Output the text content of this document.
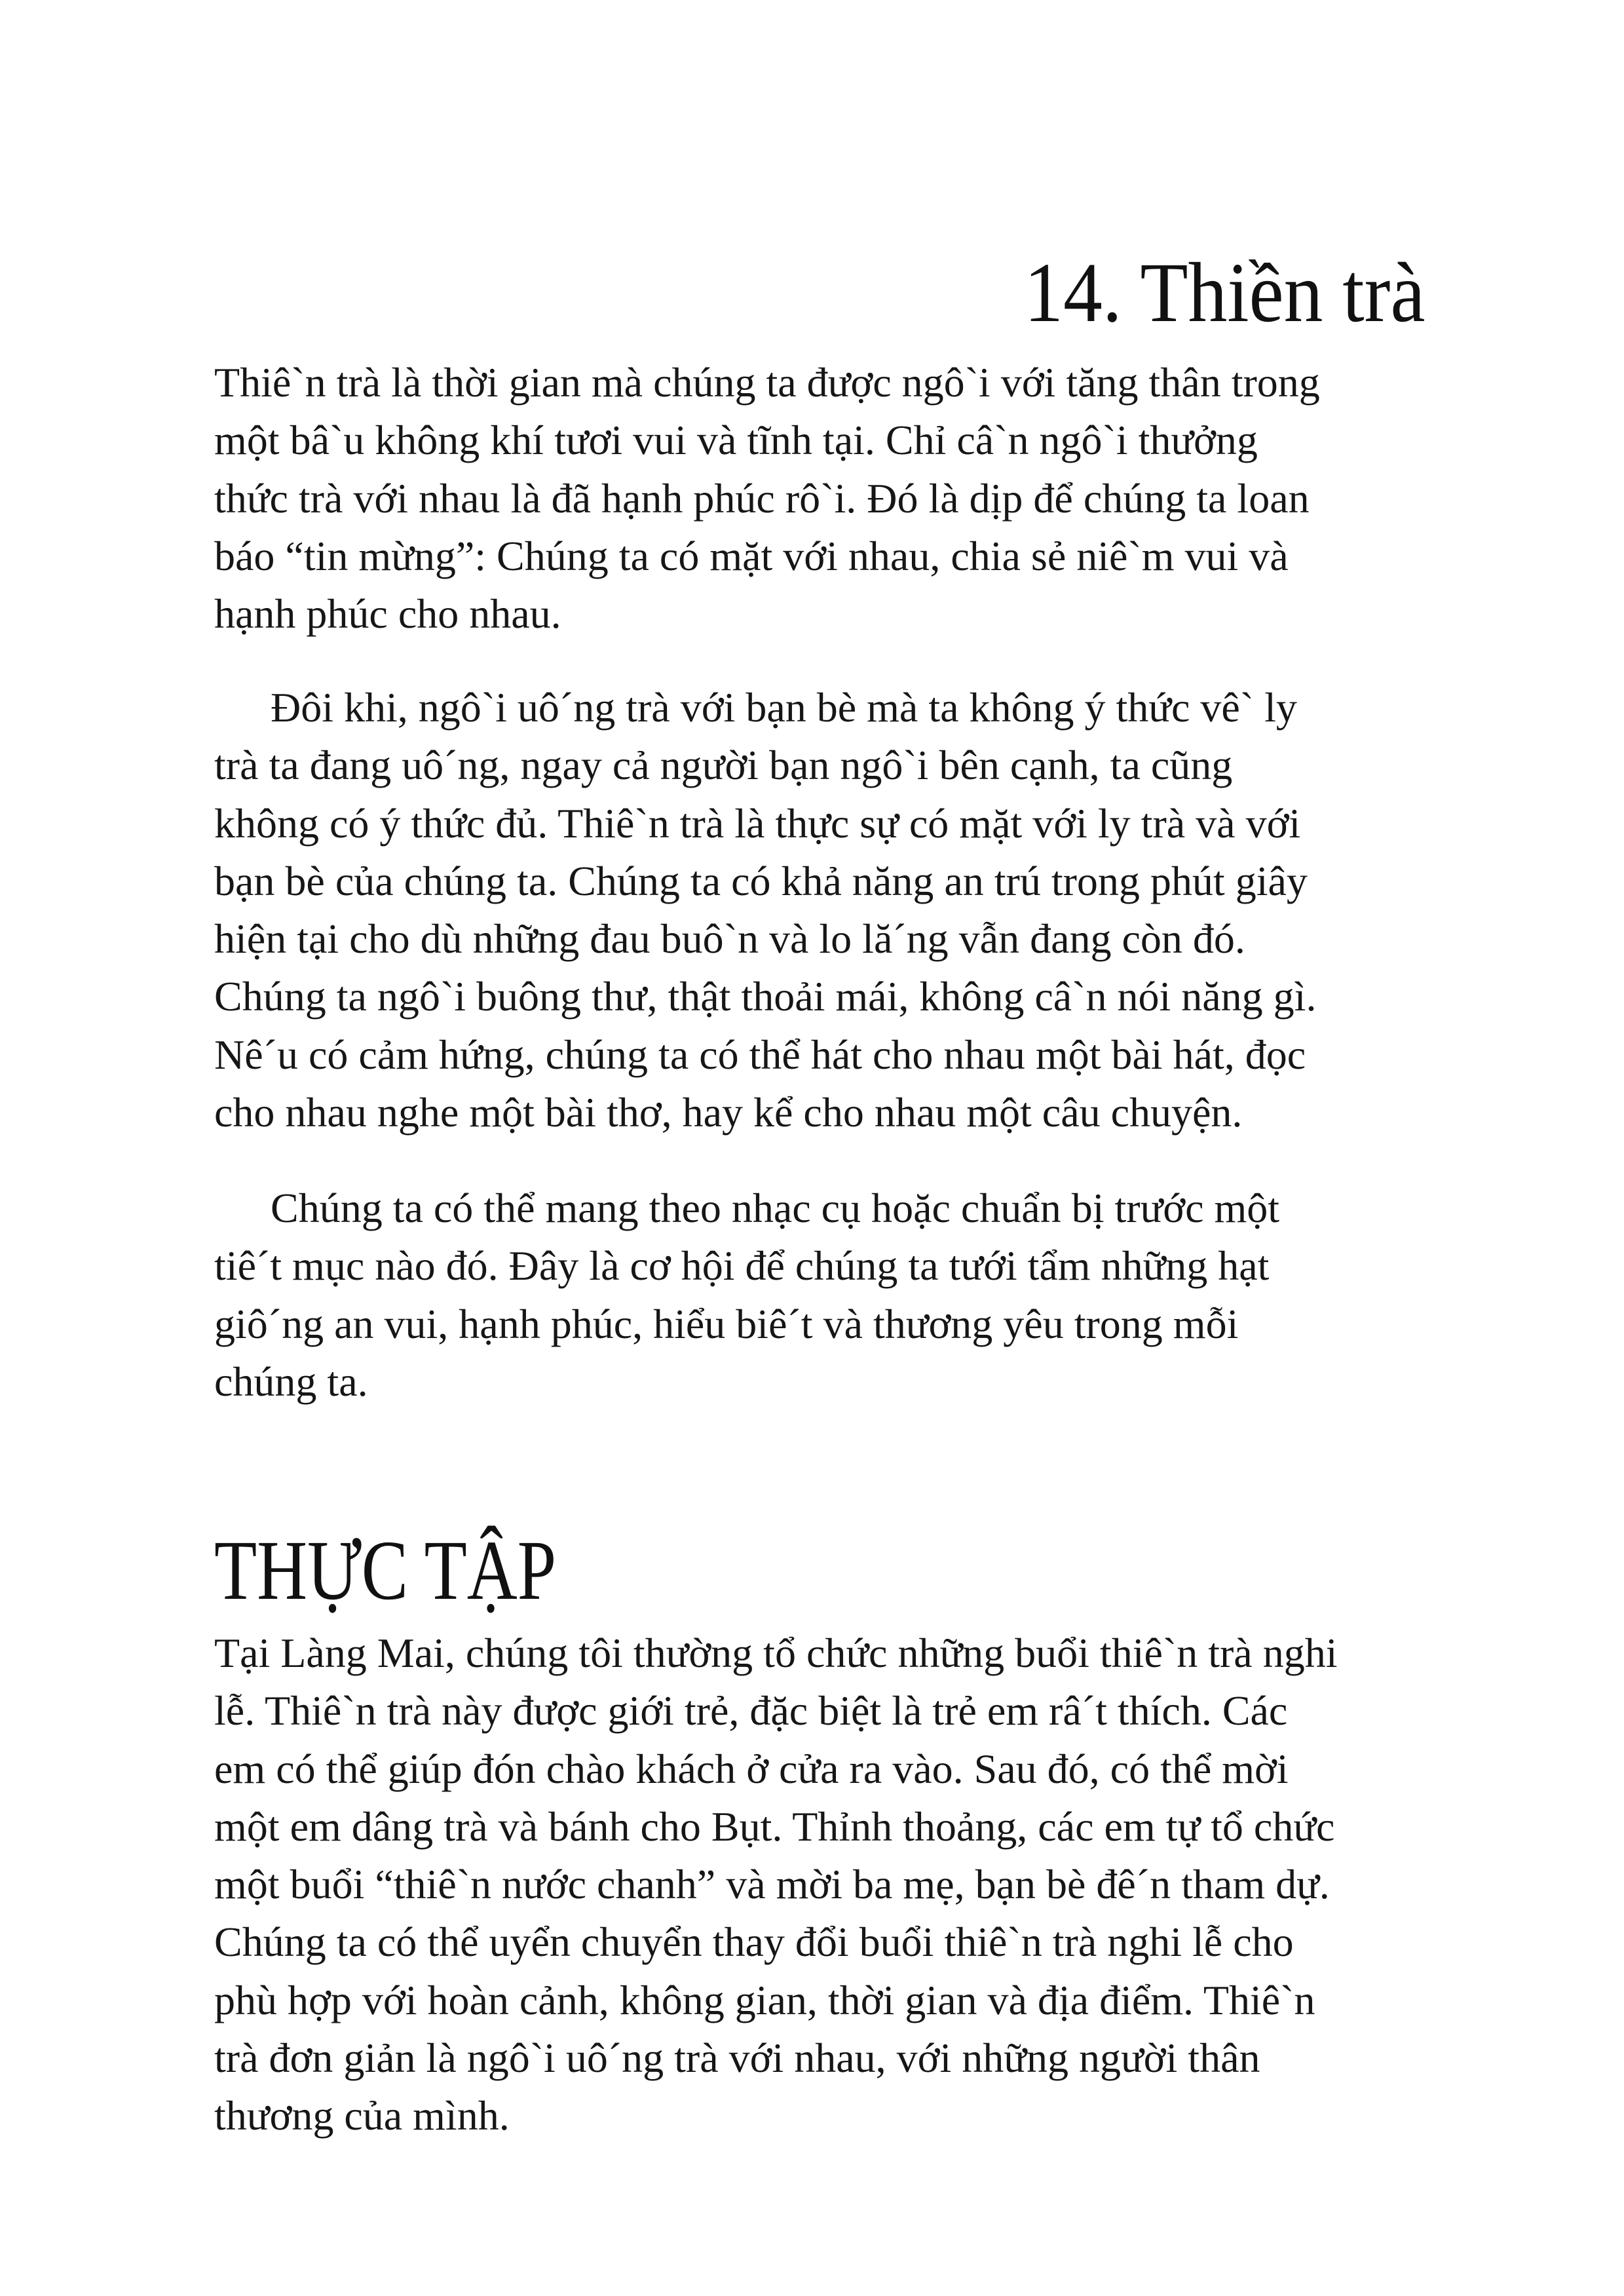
14. Thiền trà
Thiê`n trà là thời gian mà chúng ta được ngô`i với tăng thân trong
một bâ`u không khí tươi vui và tĩnh tại. Chỉ câ`n ngô`i thưởng
thức trà với nhau là đã hạnh phúc rô`i. Đó là dịp để chúng ta loan
báo “tin mừng”: Chúng ta có mặt với nhau, chia sẻ niê`m vui và
hạnh phúc cho nhau.
Đôi khi, ngô`i uô´ng trà với bạn bè mà ta không ý thức vê` ly
trà ta đang uô´ng, ngay cả người bạn ngô`i bên cạnh, ta cũng
không có ý thức đủ. Thiê`n trà là thực sự có mặt với ly trà và với
bạn bè của chúng ta. Chúng ta có khả năng an trú trong phút giây
hiện tại cho dù những đau buô`n và lo lă´ng vẫn đang còn đó.
Chúng ta ngô`i buông thư, thật thoải mái, không câ`n nói năng gì.
Nê´u có cảm hứng, chúng ta có thể hát cho nhau một bài hát, đọc
cho nhau nghe một bài thơ, hay kể cho nhau một câu chuyện.
Chúng ta có thể mang theo nhạc cụ hoặc chuẩn bị trước một
tiê´t mục nào đó. Đây là cơ hội để chúng ta tưới tẩm những hạt
giô´ng an vui, hạnh phúc, hiểu biê´t và thương yêu trong mỗi
chúng ta.
THỰC TẬP
Tại Làng Mai, chúng tôi thường tổ chức những buổi thiê`n trà nghi
lễ. Thiê`n trà này được giới trẻ, đặc biệt là trẻ em râ´t thích. Các
em có thể giúp đón chào khách ở cửa ra vào. Sau đó, có thể mời
một em dâng trà và bánh cho Bụt. Thỉnh thoảng, các em tự tổ chức
một buổi “thiê`n nước chanh” và mời ba mẹ, bạn bè đê´n tham dự.
Chúng ta có thể uyển chuyển thay đổi buổi thiê`n trà nghi lễ cho
phù hợp với hoàn cảnh, không gian, thời gian và địa điểm. Thiê`n
trà đơn giản là ngô`i uô´ng trà với nhau, với những người thân
thương của mình.
